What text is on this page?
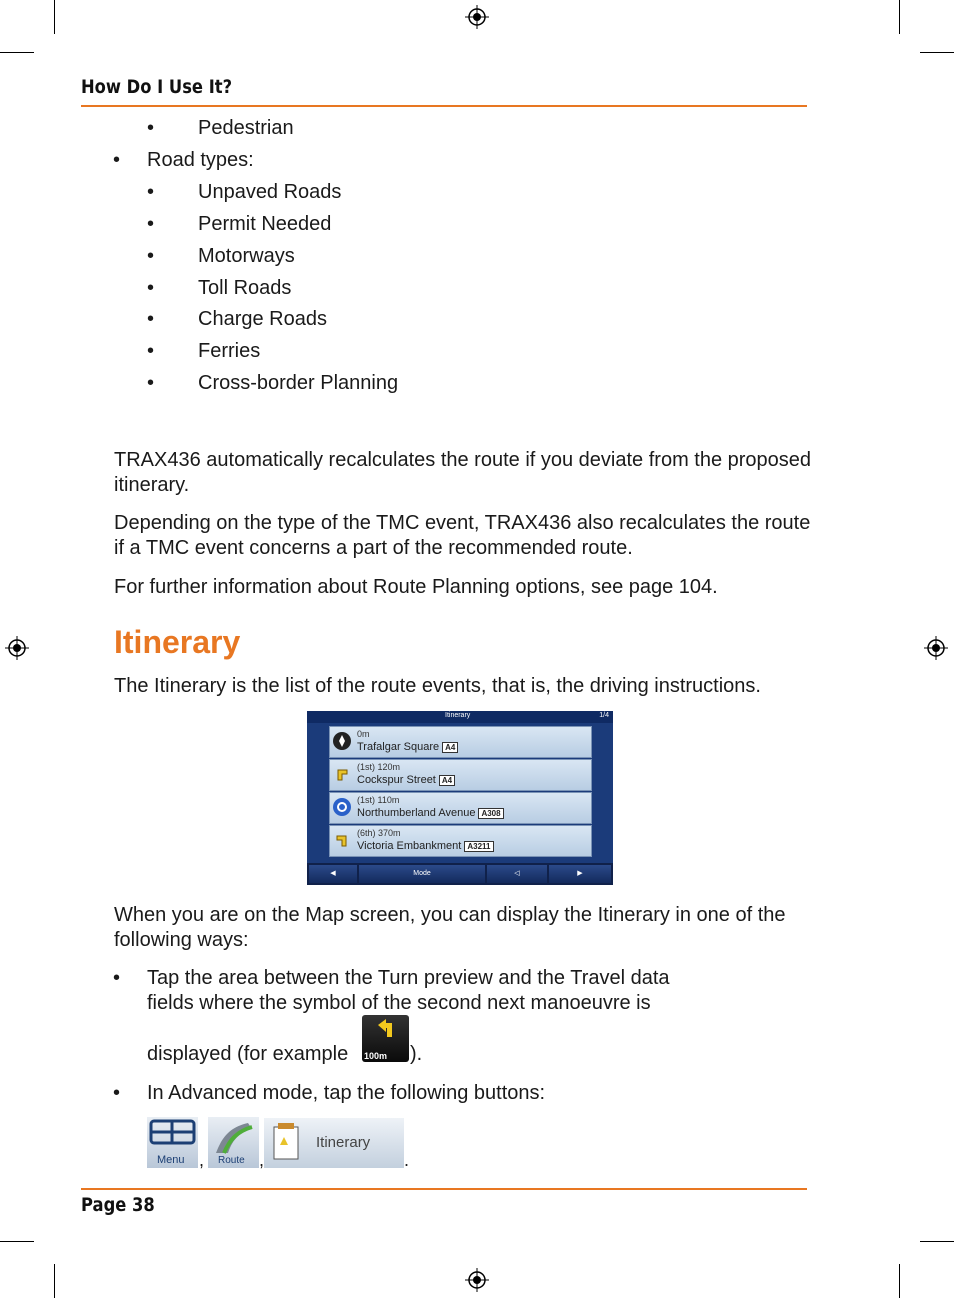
How Do I Use It?
• Pedestrian
• Road types:
• Unpaved Roads
• Permit Needed
• Motorways
• Toll Roads
• Charge Roads
• Ferries
• Cross-border Planning
TRAX436 automatically recalculates the route if you deviate from the proposed itinerary.
Depending on the type of the TMC event, TRAX436 also recalculates the route if a TMC event concerns a part of the recommended route.
For further information about Route Planning options, see page 104.
Itinerary
The Itinerary is the list of the route events, that is, the driving instructions.
Itinerary	1/4
0m
Trafalgar Square A4
(1st) 120m
Cockspur Street A4
(1st) 110m
Northumberland Avenue A308
(6th) 370m
Victoria Embankment A3211
◀	Mode	◁	▶
When you are on the Map screen, you can display the Itinerary in one of the following ways:
• Tap the area between the Turn preview and the Travel data
fields where the symbol of the second next manoeuvre is
displayed (for example 100m ).
• In Advanced mode, tap the following buttons:
Menu , Route ,
Itinerary
.
Page 38
